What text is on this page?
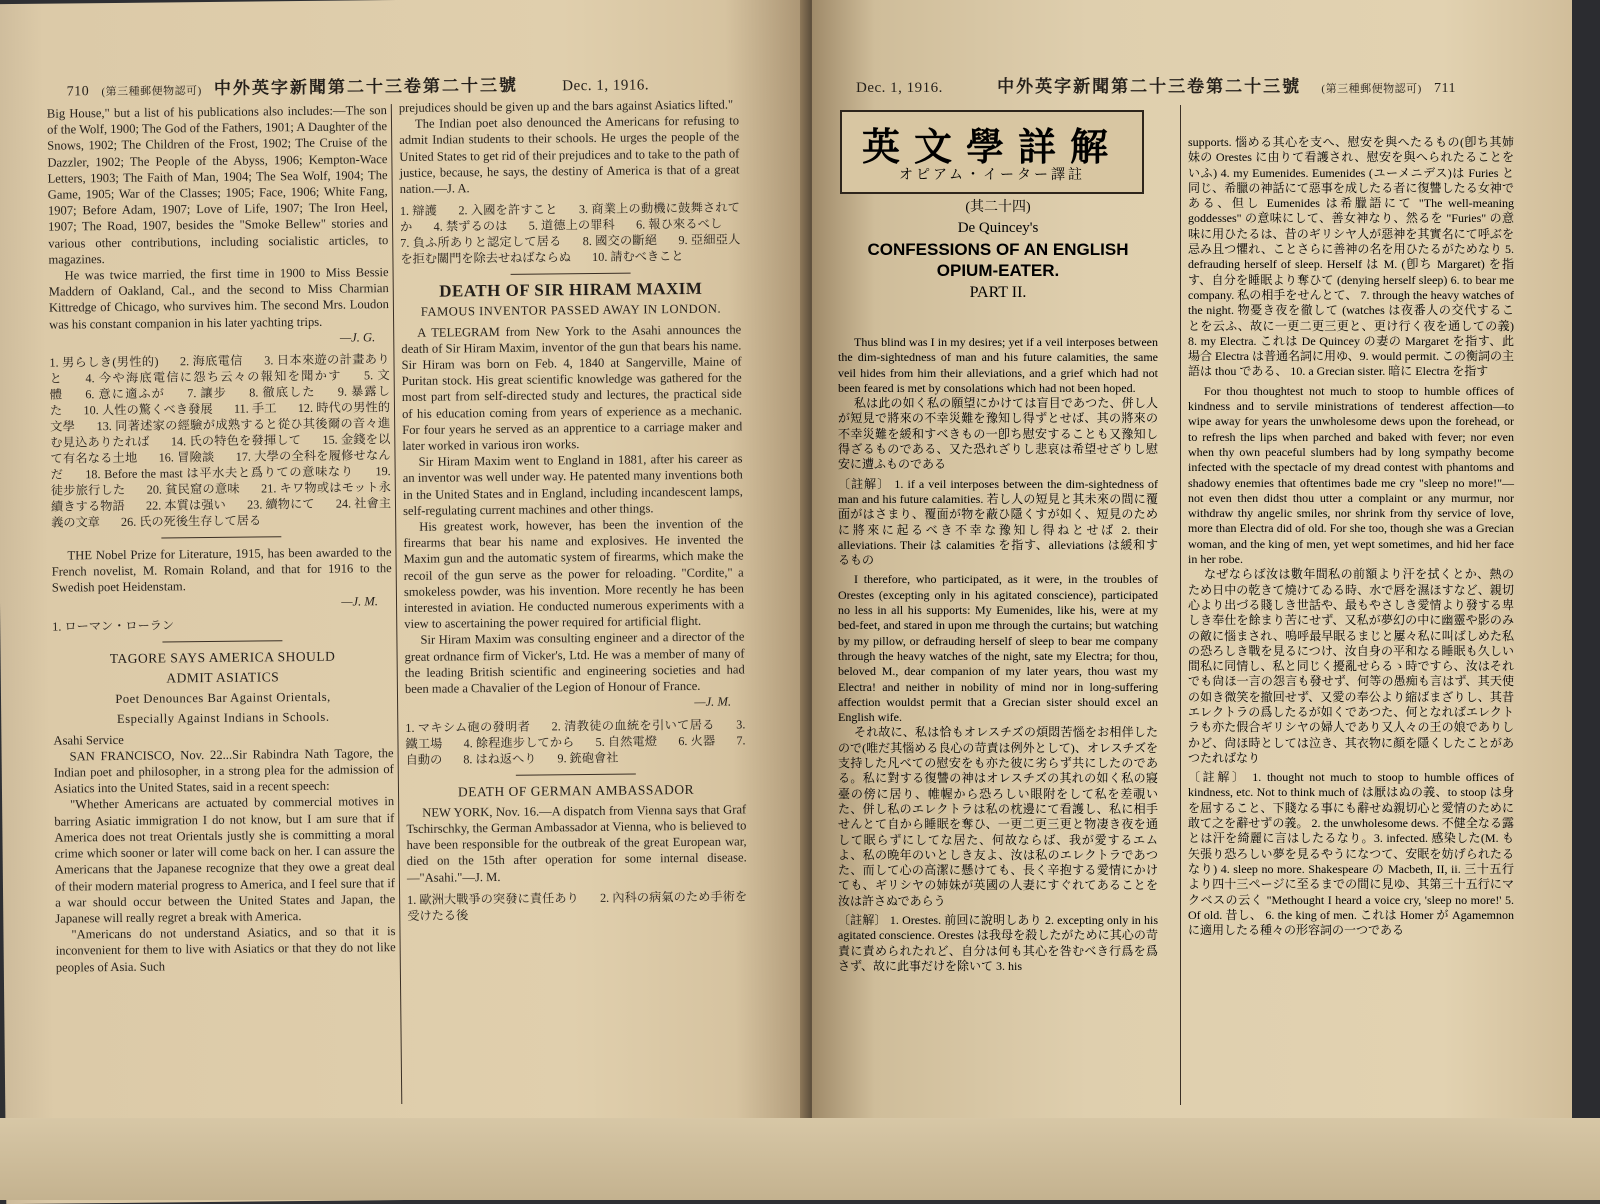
710 (第三種郵便物認可) 中外英字新聞第二十三卷第二十三號	Dec. 1, 1916.

Big House," but a list of his publications also includes:—The son of the Wolf, 1900; The God of the Fathers, 1901; A Daughter of the Snows, 1902; The Children of the Frost, 1902; The Cruise of the Dazzler, 1902; The People of the Abyss, 1906; Kempton-Wace Letters, 1903; The Faith of Man, 1904; The Sea Wolf, 1904; The Game, 1905; War of the Classes; 1905; Face, 1906; White Fang, 1907; Before Adam, 1907; Love of Life, 1907; The Iron Heel, 1907; The Road, 1907, besides the "Smoke Bellew" stories and various other contributions, including socialistic articles, to magazines.

He was twice married, the first time in 1900 to Miss Bessie Maddern of Oakland, Cal., and the second to Miss Charmian Kittredge of Chicago, who survives him. The second Mrs. Loudon was his constant companion in his later yachting trips.

—J. G.
1. 男らしき(男性的) 2. 海底電信 3. 日本來遊の計畫ありと 4. 今や海底電信に怨ち云々の報知を聞かす 5. 文體 6. 意に適ふが 7. 讓步 8. 徹底した 9. 暴露した 10. 人性の驚くべき發展 11. 手工 12. 時代の男性的文學 13. 同著述家の經驗が成熟すると從ひ其後爾の音々進む見込ありたれば 14. 氏の特色を發揮して 15. 金錢を以て有名なる土地 16. 冒險談 17. 大學の全科を履修せなんだ 18. Before the mast は平水夫と爲りての意味なり 19. 徒步旅行した 20. 貧民窟の意味 21. キワ物或はモット永續きする物語 22. 本質は强い 23. 續物にて 24. 社會主義の文章 26. 氏の死後生存して居る

THE Nobel Prize for Literature, 1915, has been awarded to the French novelist, M. Romain Roland, and that for 1916 to the Swedish poet Heidenstam.

—J. M.
1. ローマン・ローラン
TAGORE SAYS AMERICA SHOULD
ADMIT ASIATICS
Poet Denounces Bar Against Orientals,
Especially Against Indians in Schools.
Asahi Service

SAN FRANCISCO, Nov. 22...Sir Rabindra Nath Tagore, the Indian poet and philosopher, in a strong plea for the admission of Asiatics into the United States, said in a recent speech:

"Whether Americans are actuated by commercial motives in barring Asiatic immigration I do not know, but I am sure that if America does not treat Orientals justly she is committing a moral crime which sooner or later will come back on her. I can assure the Americans that the Japanese recognize that they owe a great deal of their modern material progress to America, and I feel sure that if a war should occur between the United States and Japan, the Japanese will really regret a break with America.

"Americans do not understand Asiatics, and so that it is inconvenient for them to live with Asiatics or that they do not like peoples of Asia. Such

prejudices should be given up and the bars against Asiatics lifted."

The Indian poet also denounced the Americans for refusing to admit Indian students to their schools. He urges the people of the United States to get rid of their prejudices and to take to the path of justice, because, he says, the destiny of America is that of a great nation.—J. A.

1. 辯護 2. 入國を許すこと 3. 商業上の動機に鼓舞されてか 4. 禁ずるのは 5. 道德上の罪科 6. 報ひ來るべし 7. 負ふ所ありと認定して居る 8. 國交の斷絕 9. 亞細亞人を拒む關門を除去せねばならぬ 10. 請むべきこと
DEATH OF SIR HIRAM MAXIM
FAMOUS INVENTOR PASSED AWAY IN LONDON.

A TELEGRAM from New York to the Asahi announces the death of Sir Hiram Maxim, inventor of the gun that bears his name. Sir Hiram was born on Feb. 4, 1840 at Sangerville, Maine of Puritan stock. His great scientific knowledge was gathered for the most part from self-directed study and lectures, the practical side of his education coming from years of experience as a mechanic. For four years he served as an apprentice to a carriage maker and later worked in various iron works.

Sir Hiram Maxim went to England in 1881, after his career as an inventor was well under way. He patented many inventions both in the United States and in England, including incandescent lamps, self-regulating current machines and other things.

His greatest work, however, has been the invention of the firearms that bear his name and explosives. He invented the Maxim gun and the automatic system of firearms, which make the recoil of the gun serve as the power for reloading. "Cordite," a smokeless powder, was his invention. More recently he has been interested in aviation. He conducted numerous experiments with a view to ascertaining the power required for artificial flight.

Sir Hiram Maxim was consulting engineer and a director of the great ordnance firm of Vicker's, Ltd. He was a member of many of the leading British scientific and engineering societies and had been made a Chavalier of the Legion of Honour of France.

—J. M.
1. マキシム砲の發明者 2. 清教徒の血統を引いて居る 3. 鐵工場 4. 餘程進步してから 5. 自然電燈 6. 火器 7. 自動の 8. はね返へり 9. 銃砲會社
DEATH OF GERMAN AMBASSADOR

NEW YORK, Nov. 16.—A dispatch from Vienna says that Graf Tschirschky, the German Ambassador at Vienna, who is believed to have been responsible for the outbreak of the great European war, died on the 15th after operation for some internal disease.—"Asahi."—J. M.

1. 歐洲大戰爭の突發に責任あり 2. 內科の病氣のため手術を受けたる後
Dec. 1, 1916.	中外英字新聞第二十三卷第二十三號 (第三種郵便物認可) 711
英文學詳解
オピアム・イーター譯註
(其二十四)
De Quincey's
CONFESSIONS OF AN ENGLISH
OPIUM-EATER.
PART II.

Thus blind was I in my desires; yet if a veil interposes between the dim-sightedness of man and his future calamities, the same veil hides from him their alleviations, and a grief which had not been feared is met by consolations which had not been hoped.

私は此の如く私の願望にかけては盲目であつた、併し人が短見で將來の不幸災難を豫知し得ずとせば、其の將來の不幸災難を緩和すべきもの一卽ち慰安することも又豫知し得ざるものである、又た恐れざりし悲哀は希望せざりし慰安に遭ふものである

〔註解〕 1. if a veil interposes between the dim-sightedness of man and his future calamities. 若し人の短見と其未來の間に覆面がはさまり、覆面が物を蔽ひ隱くすが如く、短見のために將來に起るべき不幸な豫知し得ねとせば 2. their alleviations. Their は calamities を指す、alleviations は緩和するもの

I therefore, who participated, as it were, in the troubles of Orestes (excepting only in his agitated conscience), participated no less in all his supports: My Eumenides, like his, were at my bed-feet, and stared in upon me through the curtains; but watching by my pillow, or defrauding herself of sleep to bear me company through the heavy watches of the night, sate my Electra; for thou, beloved M., dear companion of my later years, thou wast my Electra! and neither in nobility of mind nor in long-suffering affection wouldst permit that a Grecian sister should excel an English wife.

それ故に、私は恰もオレスチズの煩悶苦惱をお相伴したので(唯だ其惱める良心の苛責は例外として)、オレスチズを支持した凡べての慰安をも亦た彼に劣らず共にしたのである。私に對する復讐の神はオレスチズの其れの如く私の寢臺の傍に居り、帷幄から恐ろしい眼附をして私を差覗いた、併し私のエレクトラは私の枕邊にて看護し、私に相手せんとて自から睡眠を奪ひ、一更二更三更と物凄き夜を通して眠らずにしてな居た、何故ならば、我が愛するエムよ、私の晩年のいとしき友よ、汝は私のエレクトラであつた、而して心の高潔に懸けても、長く辛抱する愛情にかけても、ギリシヤの姉妹が英國の人妻にすぐれてあることを汝は許さぬであらう

〔註解〕 1. Orestes. 前回に說明しあり 2. excepting only in his agitated conscience. Orestes は我母を殺したがために其心の苛責に責められたれど、自分は何も其心を咎むべき行爲を爲さず、故に此事だけを除いて 3. his

supports. 惱める其心を支へ、慰安を與へたるもの(卽ち其姉妹の Orestes に由りて看護され、慰安を與へられたることをいふ) 4. my Eumenides. Eumenides (ユーメニデス)は Furies と同じ、希臘の神話にて惡事を成したる者に復讐したる女神である、但し Eumenides は希臘語にて "The well-meaning goddesses" の意味にして、善女神なり、然るを "Furies" の意味に用ひたるは、昔のギリシヤ人が惡神を其實名にて呼ぶを忌み且つ懼れ、ことさらに善神の名を用ひたるがためなり 5. defrauding herself of sleep. Herself は M. (卽ち Margaret) を指す、自分を睡眠より奪ひて (denying herself sleep) 6. to bear me company. 私の相手をせんとて、 7. through the heavy watches of the night. 物憂き夜を徹して (watches は夜番人の交代するこ とを云ふ、故に一更二更三更と、更け行く夜を通しての義) 8. my Electra. これは De Quincey の妻の Margaret を指す、此場合 Electra は普通名詞に用ゆ、9. would permit. この衡詞の主語は thou である、 10. a Grecian sister. 暗に Electra を指す

For thou thoughtest not much to stoop to humble offices of kindness and to servile ministrations of tenderest affection—to wipe away for years the unwholesome dews upon the forehead, or to refresh the lips when parched and baked with fever; nor even when thy own peaceful slumbers had by long sympathy become infected with the spectacle of my dread contest with phantoms and shadowy enemies that oftentimes bade me cry "sleep no more!"—not even then didst thou utter a complaint or any murmur, nor withdraw thy angelic smiles, nor shrink from thy service of love, more than Electra did of old. For she too, though she was a Grecian woman, and the king of men, yet wept sometimes, and hid her face in her robe.

なぜならば汝は數年間私の前額より汗を拭くとか、熱のため日中の乾きて燒けてゐる時、水で唇を濕ほすなど、親切心より出づる賤しき世話や、最もやさしき愛情より發する卑しき奉仕を餘まり苦にせず、又私が夢幻の中に幽靈や影のみの敵に惱まされ、嗚呼最早眠るまじと屢々私に叫ばしめた私の恐ろしき戰を見るにつけ、汝自身の平和なる睡眠も久しい間私に同情し、私と同じく擾亂せらるゝ時ですら、汝はそれでも尙ほ一言の怨言も發せず、何等の愚痴も言はず、其天使の如き微笑を撤回せず、又愛の奉公より縮ばまざりし、其昔エレクトラの爲したるが如くであつた、何となればエレクトラも亦た假合ギリシヤの婦人であり又人々の王の娘でありしかど、尙ほ時としては泣き、其衣物に顏を隱くしたことがあつたればなり

〔註解〕 1. thought not much to stoop to humble offices of kindness, etc. Not to think much of は厭はぬの義、to stoop は身を屈すること、下賤なる事にも辭せぬ親切心と愛情のために敢て之を辭せずの義。 2. the unwholesome dews. 不健全なる露とは汗を綺麗に言はしたるなり。3. infected. 感染した(M. も矢張り恐ろしい夢を見るやうになつて、安眠を妨げられたるなり) 4. sleep no more. Shakespeare の Macbeth, II, ii. 三十五行より四十三ページに至るまでの間に見ゆ、其第三十五行にマクベスの云く "Methought I heard a voice cry, 'sleep no more!' 5. Of old. 昔し、 6. the king of men. これは Homer が Agamemnon に適用したる種々の形容詞の一つである
